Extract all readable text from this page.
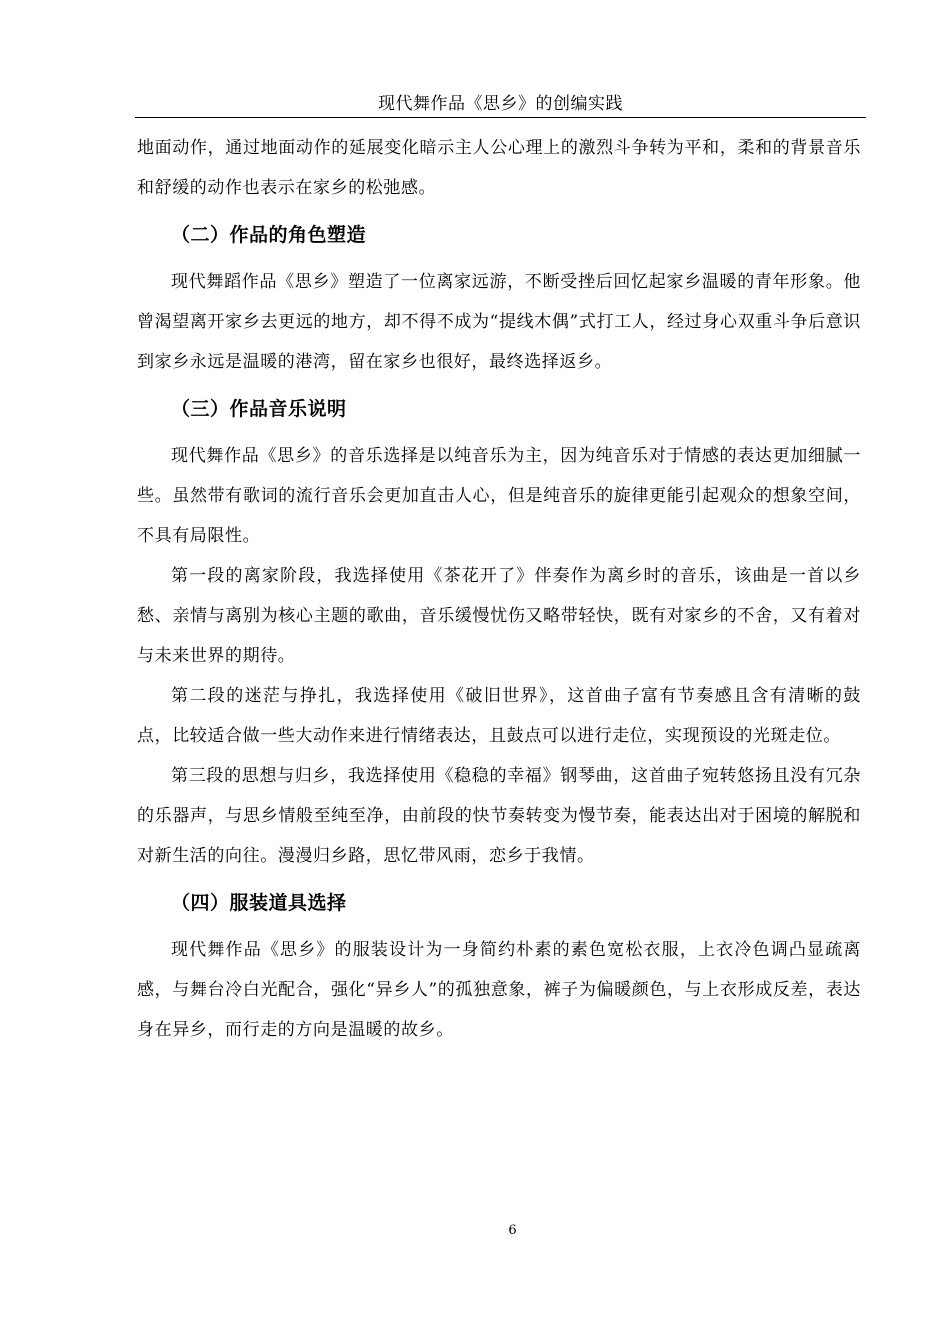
现代舞作品《思乡》的创编实践

地面动作，通过地面动作的延展变化暗示主人公心理上的激烈斗争转为平和，柔和的背景音乐和舒缓的动作也表示在家乡的松弛感。

（二）作品的角色塑造

现代舞蹈作品《思乡》塑造了一位离家远游，不断受挫后回忆起家乡温暖的青年形象。他曾渴望离开家乡去更远的地方，却不得不成为“提线木偶”式打工人，经过身心双重斗争后意识到家乡永远是温暖的港湾，留在家乡也很好，最终选择返乡。

（三）作品音乐说明

现代舞作品《思乡》的音乐选择是以纯音乐为主，因为纯音乐对于情感的表达更加细腻一些。虽然带有歌词的流行音乐会更加直击人心，但是纯音乐的旋律更能引起观众的想象空间，不具有局限性。

第一段的离家阶段，我选择使用《茶花开了》伴奏作为离乡时的音乐，该曲是一首以乡愁、亲情与离别为核心主题的歌曲，音乐缓慢忧伤又略带轻快，既有对家乡的不舍，又有着对与未来世界的期待。

第二段的迷茫与挣扎，我选择使用《破旧世界》，这首曲子富有节奏感且含有清晰的鼓点，比较适合做一些大动作来进行情绪表达，且鼓点可以进行走位，实现预设的光斑走位。

第三段的思想与归乡，我选择使用《稳稳的幸福》钢琴曲，这首曲子宛转悠扬且没有冗杂的乐器声，与思乡情般至纯至净，由前段的快节奏转变为慢节奏，能表达出对于困境的解脱和对新生活的向往。漫漫归乡路，思忆带风雨，恋乡于我情。

（四）服装道具选择

现代舞作品《思乡》的服装设计为一身简约朴素的素色宽松衣服，上衣冷色调凸显疏离感，与舞台冷白光配合，强化“异乡人”的孤独意象，裤子为偏暖颜色，与上衣形成反差，表达身在异乡，而行走的方向是温暖的故乡。

6
